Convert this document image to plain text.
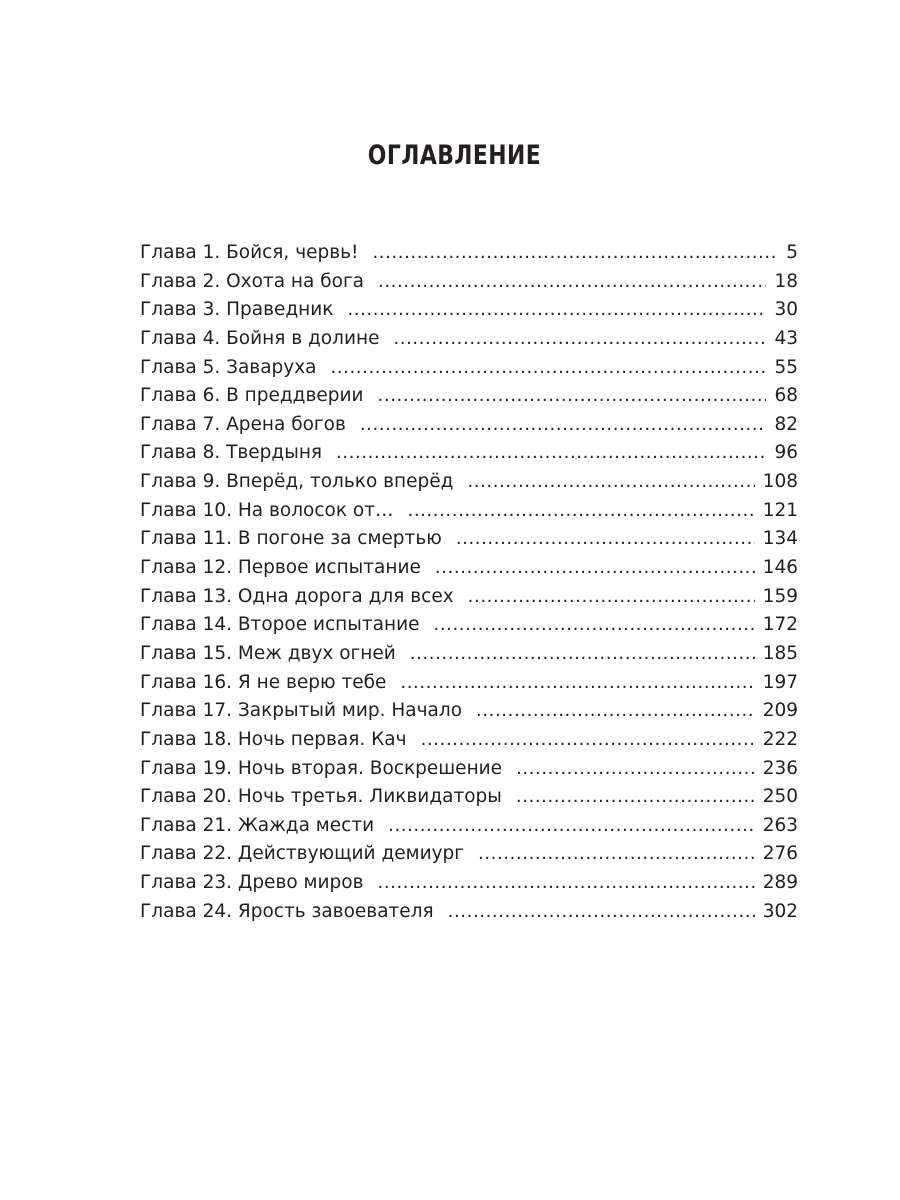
ОГЛАВЛЕНИЕ
Глава 1. Бойся, червь! .....	5
Глава 2. Охота на бога .....	18
Глава 3. Праведник .....	30
Глава 4. Бойня в долине .....	43
Глава 5. Заваруха .....	55
Глава 6. В преддверии .....	68
Глава 7. Арена богов .....	82
Глава 8. Твердыня .....	96
Глава 9. Вперёд, только вперёд .....	108
Глава 10. На волосок от… .....	121
Глава 11. В погоне за смертью .....	134
Глава 12. Первое испытание .....	146
Глава 13. Одна дорога для всех .....	159
Глава 14. Второе испытание .....	172
Глава 15. Меж двух огней .....	185
Глава 16. Я не верю тебе .....	197
Глава 17. Закрытый мир. Начало .....	209
Глава 18. Ночь первая. Кач .....	222
Глава 19. Ночь вторая. Воскрешение .....	236
Глава 20. Ночь третья. Ликвидаторы .....	250
Глава 21. Жажда мести .....	263
Глава 22. Действующий демиург .....	276
Глава 23. Древо миров .....	289
Глава 24. Ярость завоевателя .....	302
